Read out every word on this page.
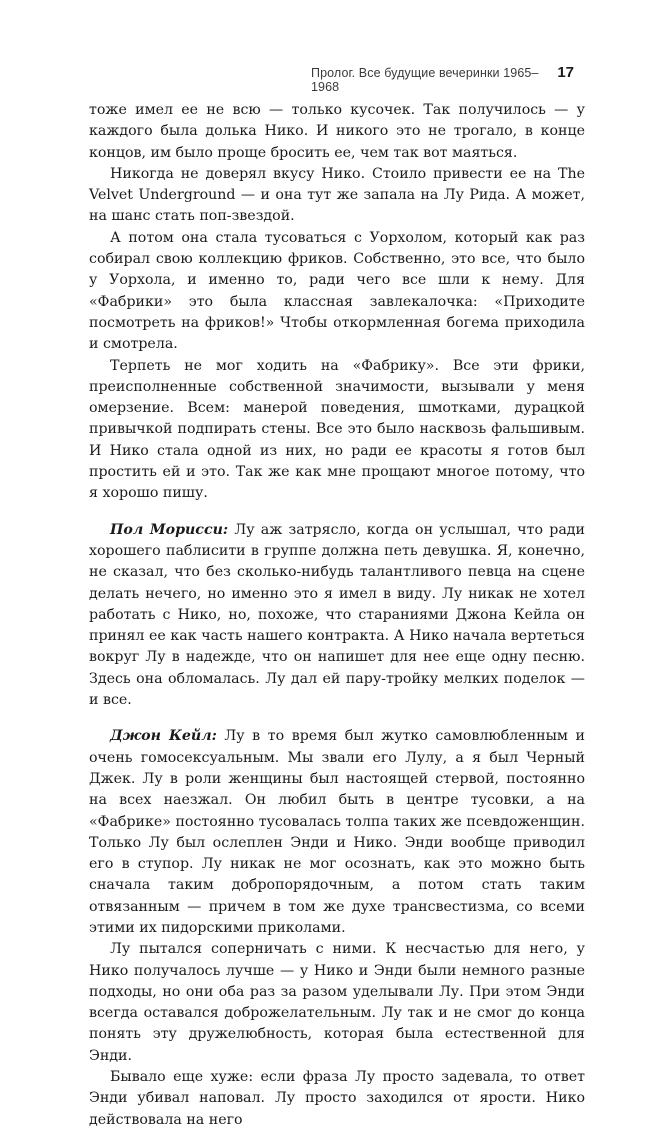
Пролог. Все будущие вечеринки 1965–1968
17

тоже имел ее не всю — только кусочек. Так получилось — у каждого была долька Нико. И никого это не трогало, в конце концов, им было проще бросить ее, чем так вот маяться.

Никогда не доверял вкусу Нико. Стоило привести ее на The Velvet Underground — и она тут же запала на Лу Рида. А может, на шанс стать поп-звездой.

А потом она стала тусоваться с Уорхолом, который как раз собирал свою коллекцию фриков. Собственно, это все, что было у Уорхола, и именно то, ради чего все шли к нему. Для «Фабрики» это была классная завлекалочка: «Приходите посмотреть на фриков!» Чтобы откормленная богема приходила и смотрела.

Терпеть не мог ходить на «Фабрику». Все эти фрики, преисполненные собственной значимости, вызывали у меня омерзение. Всем: манерой поведения, шмотками, дурацкой привычкой подпирать стены. Все это было насквозь фальшивым. И Нико стала одной из них, но ради ее красоты я готов был простить ей и это. Так же как мне прощают многое потому, что я хорошо пишу.

Пол Морисси: Лу аж затрясло, когда он услышал, что ради хорошего паблисити в группе должна петь девушка. Я, конечно, не сказал, что без сколько-нибудь талантливого певца на сцене делать нечего, но именно это я имел в виду. Лу никак не хотел работать с Нико, но, похоже, что стараниями Джона Кейла он принял ее как часть нашего контракта. А Нико начала вертеться вокруг Лу в надежде, что он напишет для нее еще одну песню. Здесь она обломалась. Лу дал ей пару-тройку мелких поделок — и все.

Джон Кейл: Лу в то время был жутко самовлюбленным и очень гомосексуальным. Мы звали его Лулу, а я был Черный Джек. Лу в роли женщины был настоящей стервой, постоянно на всех наезжал. Он любил быть в центре тусовки, а на «Фабрике» постоянно тусовалась толпа таких же псевдоженщин. Только Лу был ослеплен Энди и Нико. Энди вообще приводил его в ступор. Лу никак не мог осознать, как это можно быть сначала таким добропорядочным, а потом стать таким отвязанным — причем в том же духе трансвестизма, со всеми этими их пидорскими приколами.

Лу пытался соперничать с ними. К несчастью для него, у Нико получалось лучше — у Нико и Энди были немного разные подходы, но они оба раз за разом уделывали Лу. При этом Энди всегда оставался доброжелательным. Лу так и не смог до конца понять эту дружелюбность, которая была естественной для Энди.

Бывало еще хуже: если фраза Лу просто задевала, то ответ Энди убивал наповал. Лу просто заходился от ярости. Нико действовала на него
